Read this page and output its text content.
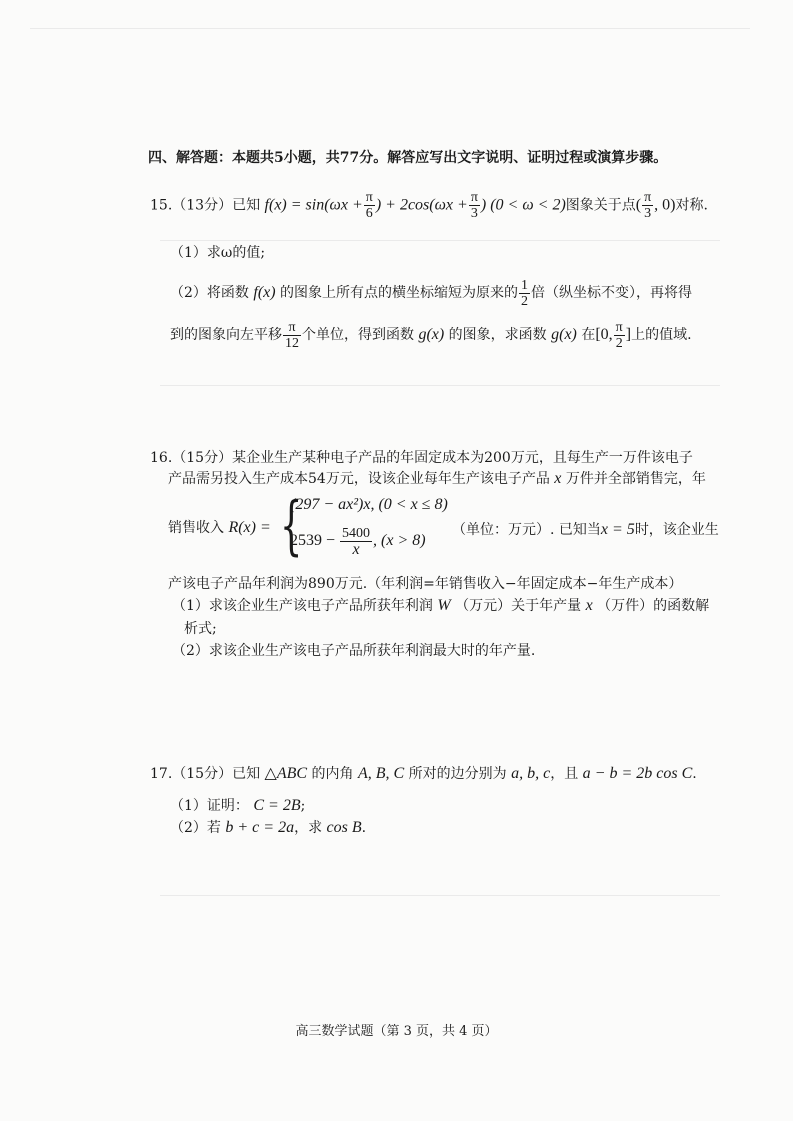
四、解答题：本题共5小题，共77分。解答应写出文字说明、证明过程或演算步骤。
15.（13分）已知 $f(x) = \sin(\omega x + \frac{\pi}{6}$ ) + $2\cos(\omega x + \frac{\pi}{3}$ ) (0 < ω < 2)图象关于点( $\frac{\pi}{3}$ , 0)对称.
（1）求ω的值;
（2）将函数 f(x) 的图象上所有点的横坐标缩短为原来的 $\frac{1}{2}$ 倍（纵坐标不变），再将得
到的图象向左平移 $\frac{\pi}{12}$ 个单位，得到函数 g(x) 的图象，求函数 g(x) 在[0, $\frac{\pi}{2}$ ]上的值域.
16.（15分）某企业生产某种电子产品的年固定成本为200万元，且每生产一万件该电子
产品需另投入生产成本54万元，设该企业每年生产该电子产品 x 万件并全部销售完，年
销售收入 R(x) = {
(297 − ax²)x, (0 < x ≤ 8)
$2539 - \frac{5400}{x}$ , (x > 8)
（单位：万元）. 已知当x = 5时，该企业生
产该电子产品年利润为890万元.（年利润=年销售收入−年固定成本−年生产成本）
（1）求该企业生产该电子产品所获年利润 W （万元）关于年产量 x （万件）的函数解
析式;
（2）求该企业生产该电子产品所获年利润最大时的年产量.
17.（15分）已知 △ABC 的内角 A, B, C 所对的边分别为 a, b, c，且 a − b = 2b cos C.
（1）证明： C = 2B;
（2）若 b + c = 2a，求 cos B.
高三数学试题（第 3 页，共 4 页）
